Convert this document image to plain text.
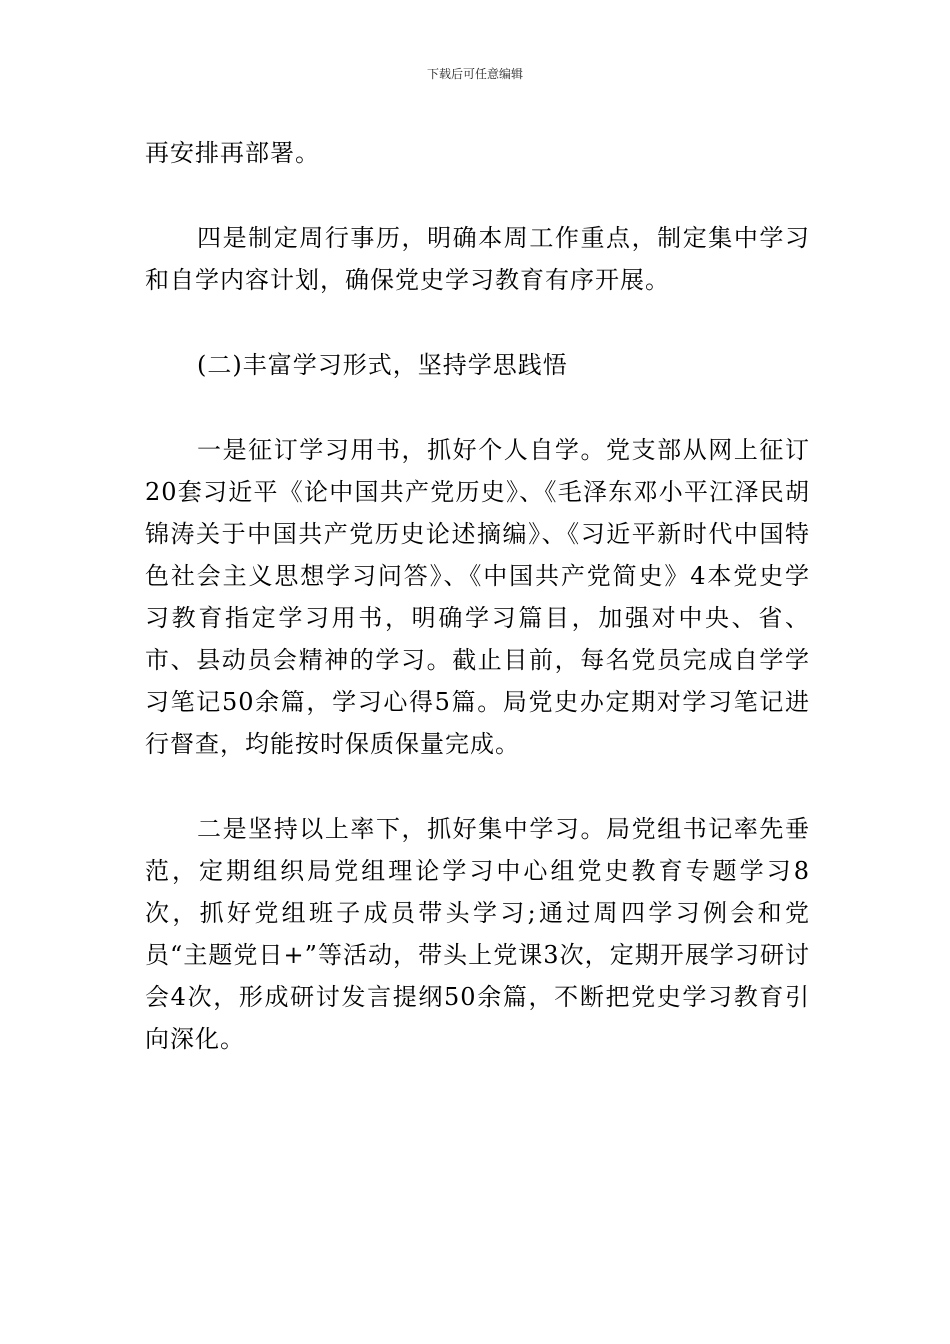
下载后可任意编辑

再安排再部署。

四是制定周行事历，明确本周工作重点，制定集中学习和自学内容计划，确保党史学习教育有序开展。

(二)丰富学习形式，坚持学思践悟

一是征订学习用书，抓好个人自学。党支部从网上征订20套习近平《论中国共产党历史》、《毛泽东邓小平江泽民胡锦涛关于中国共产党历史论述摘编》、《习近平新时代中国特色社会主义思想学习问答》、《中国共产党简史》4本党史学习教育指定学习用书，明确学习篇目，加强对中央、省、市、县动员会精神的学习。截止目前，每名党员完成自学学习笔记50余篇，学习心得5篇。局党史办定期对学习笔记进行督查，均能按时保质保量完成。

二是坚持以上率下，抓好集中学习。局党组书记率先垂范，定期组织局党组理论学习中心组党史教育专题学习8次，抓好党组班子成员带头学习;通过周四学习例会和党员“主题党日+”等活动，带头上党课3次，定期开展学习研讨会4次，形成研讨发言提纲50余篇，不断把党史学习教育引向深化。
